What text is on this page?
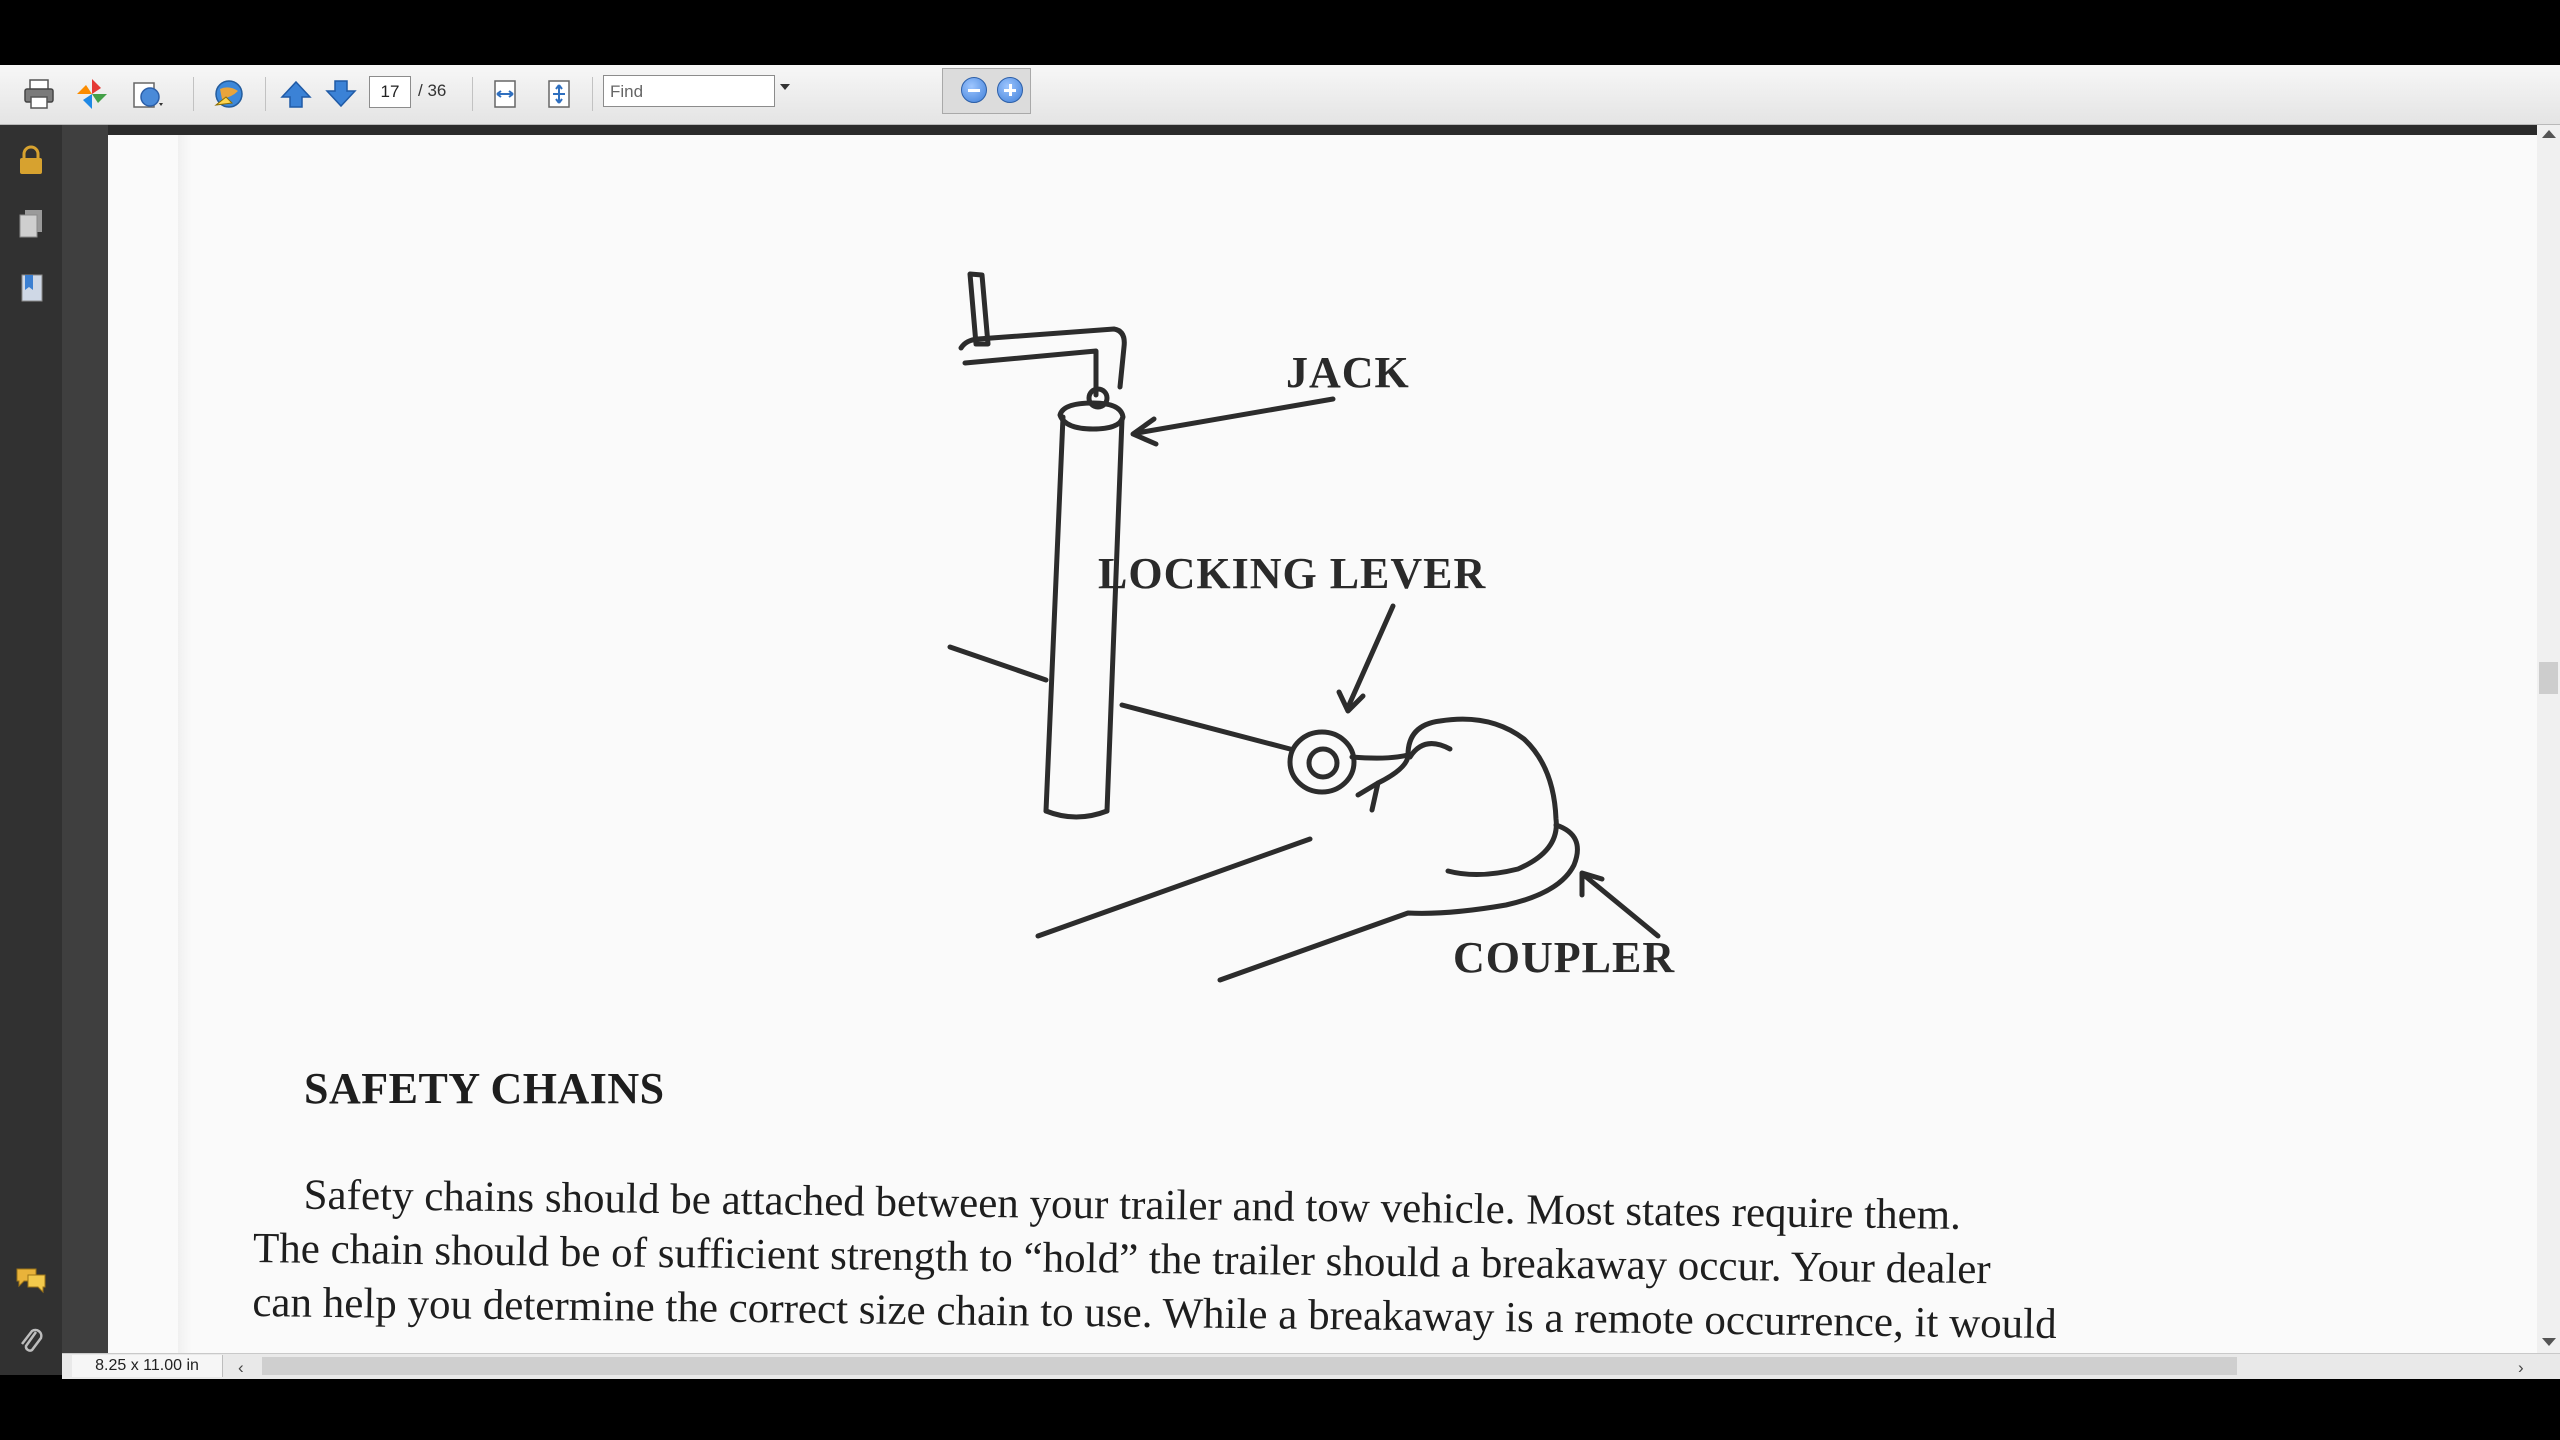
17	/ 36	Find
JACK
LOCKING LEVER
COUPLER
SAFETY CHAINS
Safety chains should be attached between your trailer and tow vehicle. Most states require them.
The chain should be of sufficient strength to “hold” the trailer should a breakaway occur. Your dealer
can help you determine the correct size chain to use. While a breakaway is a remote occurrence, it would
8.25 x 11.00 in	‹	›
